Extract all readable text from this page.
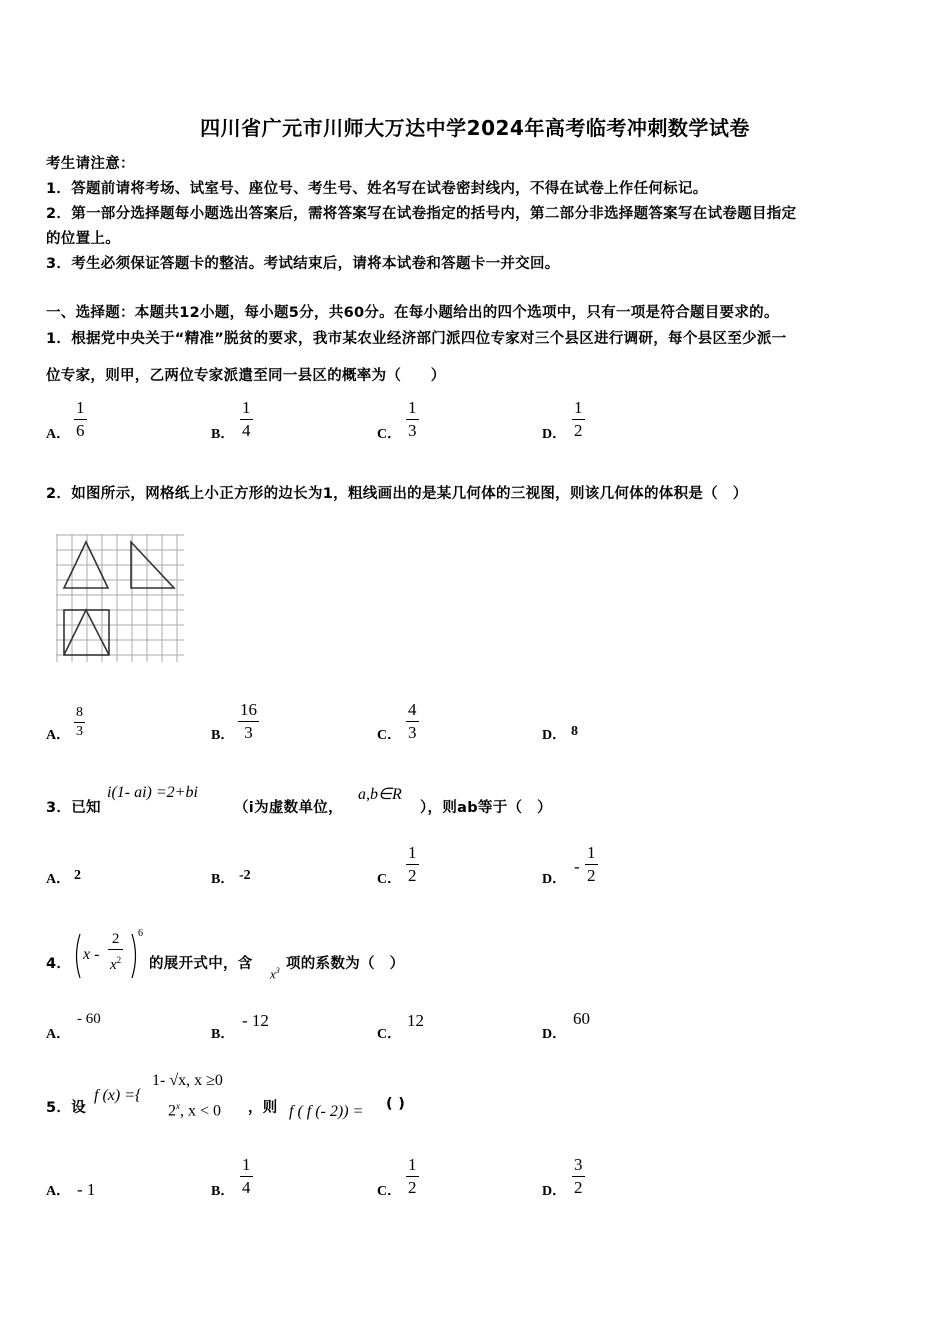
四川省广元市川师大万达中学2024年高考临考冲刺数学试卷
考生请注意：
1．答题前请将考场、试室号、座位号、考生号、姓名写在试卷密封线内，不得在试卷上作任何标记。
2．第一部分选择题每小题选出答案后，需将答案写在试卷指定的括号内，第二部分非选择题答案写在试卷题目指定
的位置上。
3．考生必须保证答题卡的整洁。考试结束后，请将本试卷和答题卡一并交回。
一、选择题：本题共12小题，每小题5分，共60分。在每小题给出的四个选项中，只有一项是符合题目要求的。
1．根据党中央关于“精准”脱贫的要求，我市某农业经济部门派四位专家对三个县区进行调研，每个县区至少派一
位专家，则甲，乙两位专家派遣至同一县区的概率为（　　）
A．
1
6	B．
1
4	C．
1
3	D．
1
2
2．如图所示，网格纸上小正方形的边长为1，粗线画出的是某几何体的三视图，则该几何体的体积是（　）
A．
8
3	B．
16
3	C．
4
3	D． 8
3．已知
i(1- ai) =2+bi
（i为虚数单位，
a,b∈R
），则ab等于（　）
A． 2	B． -2	C．
1
2	D．
-
1
2
4．
x -
2
$x^2$
6
的展开式中，含
$x^3$ 项的系数为（　）
A．
- 60
B．
- 12
C．
12
D．
60
5．设
f (x) ={
1- √x, x ≥0
2$^x$, x < 0 ，则 f ( f (- 2)) = ( )
A． - 1	B．
1
4	C．
1
2	D．
3
2
